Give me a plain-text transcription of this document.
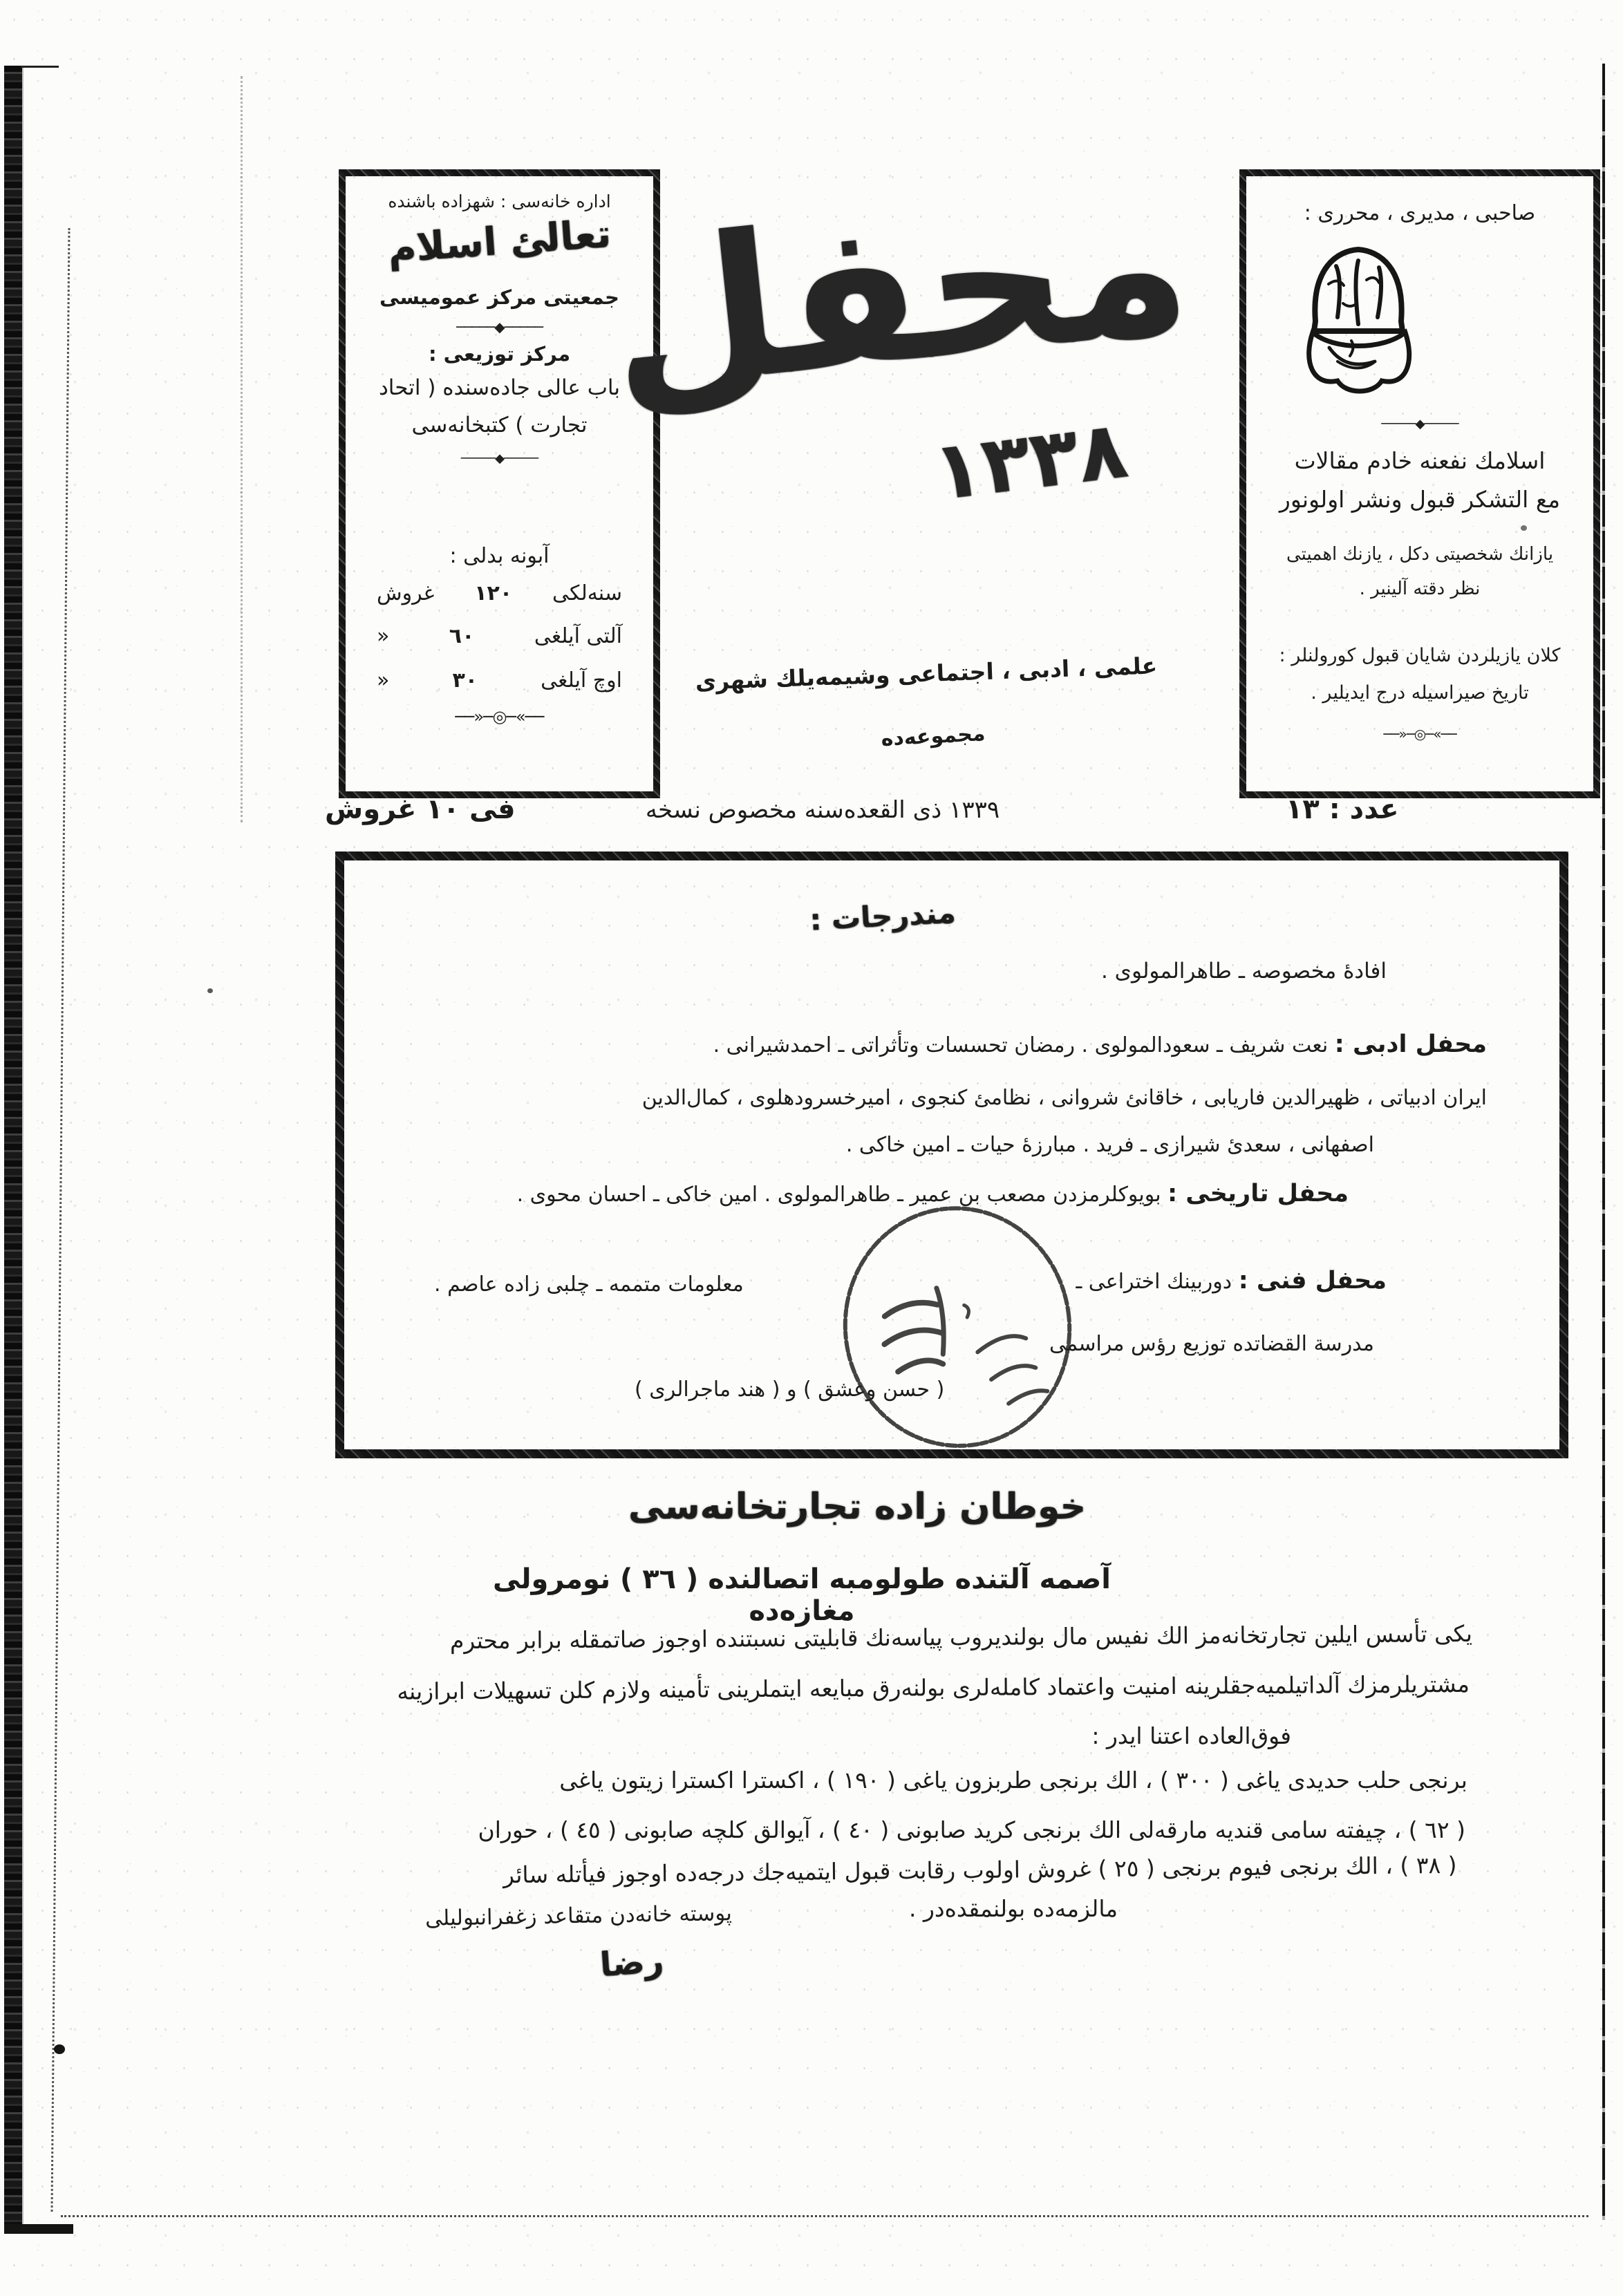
اداره خانه‌سى : شهزاده باشنده
تعالئ اسلام
جمعيتى مركز عموميسى
─────◆─────
مركز توزيعى :
باب عالى جاده‌سنده ( اتحاد
تجارت ) كتبخانه‌سى
─────◆─────
آبونه بدلى :
سنه‌لكى
١٢٠
غروش
آلتى آيلغى
٦٠
«
اوچ آيلغى
٣٠
«
──»─◎─«──
محفل
١٣٣٨
علمى ، ادبى ، اجتماعى وشيمه‌يلك شهرى
مجموعه‌ده
صاحبى ، مديرى ، محررى :
─────◆─────
اسلامك نفعنه خادم مقالات
مع التشكر قبول ونشر اولونور
يازانك شخصيتى دكل ، يازنك اهميتى
نظر دقته آلينير .
كلان يازيلردن شايان قبول كورولنلر :
تاريخ صيراسيله درج ايديلير .
──»─◎─«──
عدد : ١٣
١٣٣٩ ذى القعده‌سنه مخصوص نسخه
فى ١٠ غروش
مندرجات :
افادۀ مخصوصه ـ طاهرالمولوى .
محفل ادبى : نعت شريف ـ سعودالمولوى . رمضان تحسسات وتأثراتى ـ احمدشيرانى .
ايران ادبياتى ، ظهيرالدين فاريابى ، خاقانئ شروانى ، نظامئ كنجوى ، اميرخسرودهلوى ، كمال‌الدين
اصفهانى ، سعدئ شيرازى ـ فريد . مبارزۀ حيات ـ امين خاكى .
محفل تاريخى : بويوكلرمزدن مصعب بن عمير ـ طاهرالمولوى . امين خاكى ـ احسان محوى .
محفل فنى : دوربينك اختراعى ـ
معلومات متممه ـ چلبى زاده عاصم .
مدرسة القضاتده توزيع رؤس مراسمى
( حسن وعشق ) و ( هند ماجرالرى )
خوطان زاده تجارتخانه‌سى
آصمه آلتنده طولومبه اتصالنده ( ٣٦ ) نومرولى مغازه‌ده
يكى تأسس ايلين تجارتخانه‌مز الك نفيس مال بولنديروب پياسه‌نك قابليتى نسبتنده اوجوز صاتمقله برابر محترم
مشتريلرمزك آلداتيلميه‌جقلرينه امنيت واعتماد كامله‌لرى بولنه‌رق مبايعه ايتملرينى تأمينه ولازم كلن تسهيلات ابرازينه
فوق‌العاده اعتنا ايدر :
برنجى حلب حديدى ياغى ( ٣٠٠ ) ، الك برنجى طربزون ياغى ( ١٩٠ ) ، اكسترا اكسترا زيتون ياغى
( ٦٢ ) ، چيفته سامى قنديه مارقه‌لى الك برنجى كريد صابونى ( ٤٠ ) ، آيوالق كلچه صابونى ( ٤٥ ) ، حوران
( ٣٨ ) ، الك برنجى فيوم برنجى ( ٢٥ ) غروش اولوب رقابت قبول ايتميه‌جك درجه‌ده اوجوز فيأتله سائر
مالزمه‌ده بولنمقده‌در .
پوسته خانه‌دن متقاعد زغفرانبوليلى
رضا
